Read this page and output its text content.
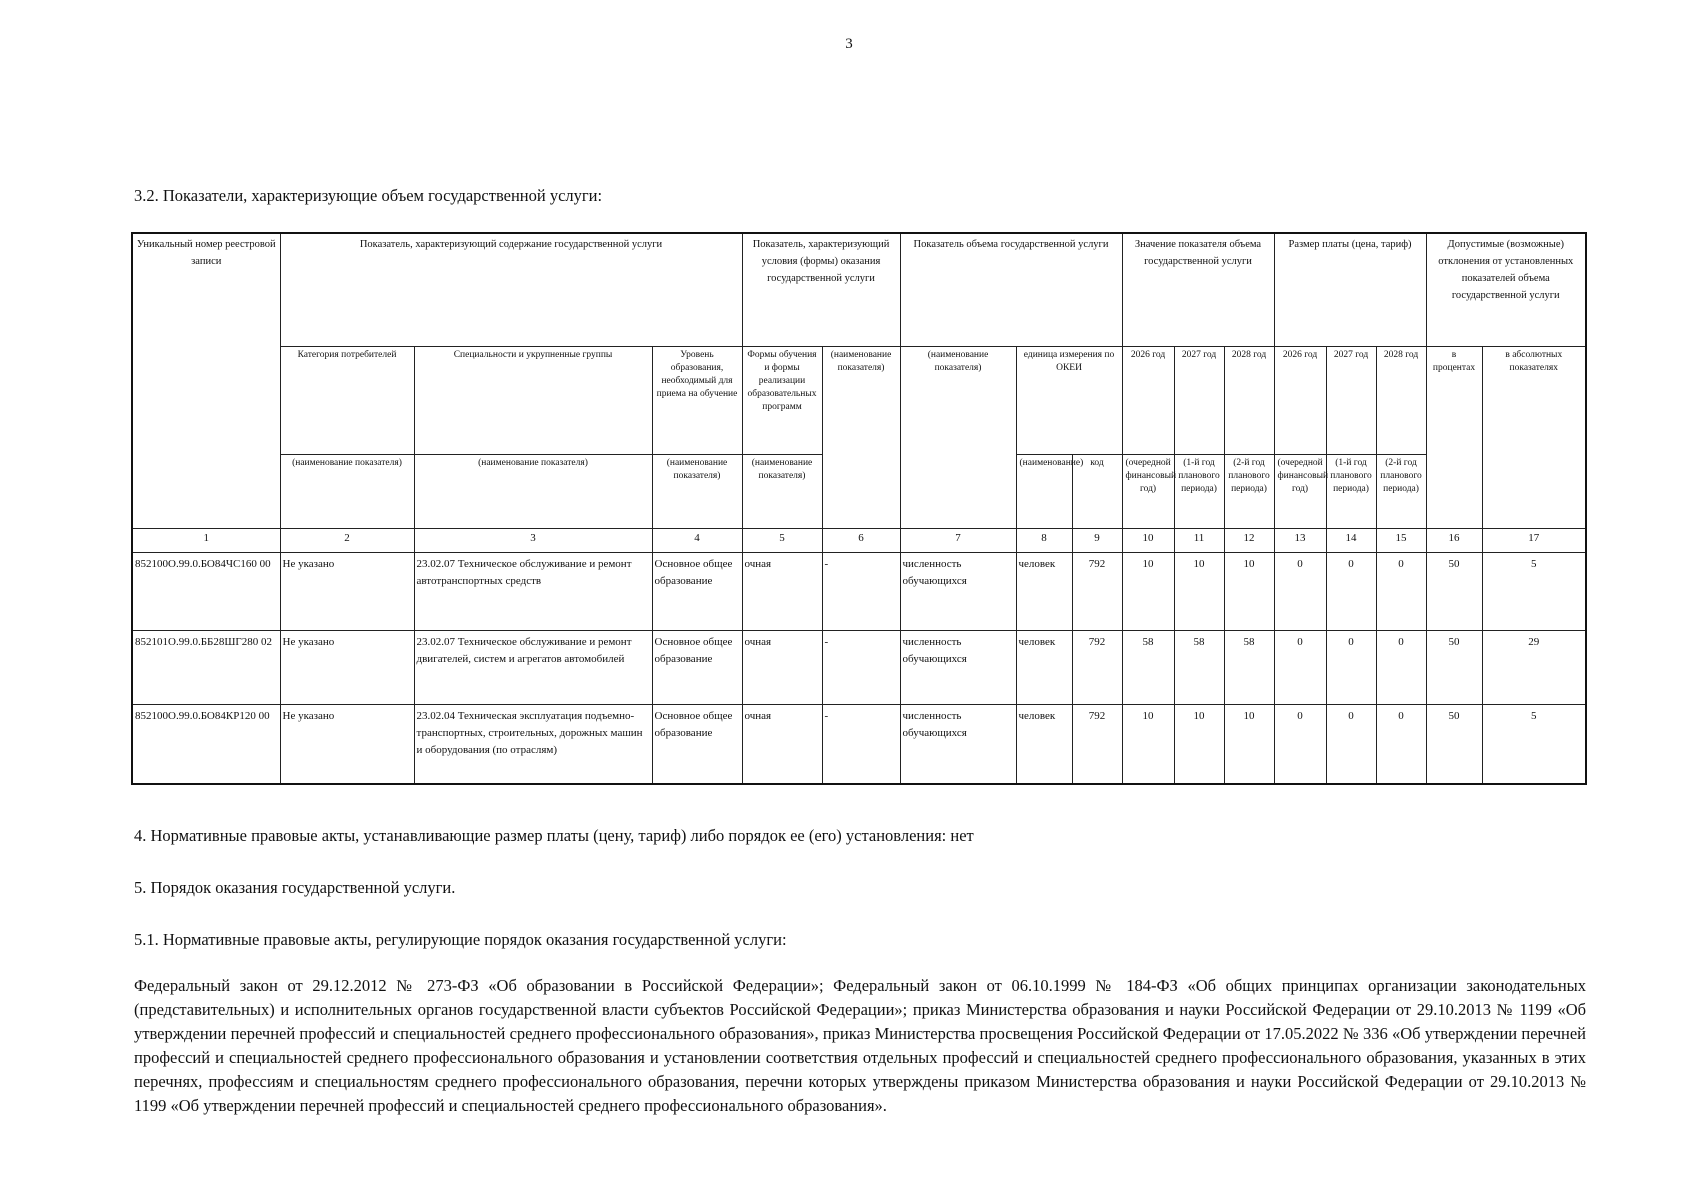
3
3.2. Показатели, характеризующие объем государственной услуги:
Уникальный номер реестровой записи	Показатель, характеризующий содержание государственной услуги			Показатель, характеризующий условия (формы) оказания государственной услуги		Показатель объема государственной услуги			Значение показателя объема государственной услуги			Размер платы (цена, тариф)			Допустимые (возможные) отклонения от установленных показателей объема государственной услуги	
	Категория потребителей	Специальности и укрупненные группы	Уровень образования, необходимый для приема на обучение	Формы обучения и формы реализации образовательных программ	(наименование показателя)	(наименование показателя)	единица измерения по ОКЕИ		2026 год	2027 год	2028 год	2026 год	2027 год	2028 год	в процентах	в абсолютных показателях
	(наименование показателя)	(наименование показателя)	(наименование показателя)	(наименование показателя)			(наименование)	код	(очередной финансовый год)	(1-й год планового периода)	(2-й год планового периода)	(очередной финансовый год)	(1-й год планового периода)	(2-й год планового периода)		
1	2	3	4	5	6	7	8	9	10	11	12	13	14	15	16	17
852100О.99.0.БО84ЧС160 00	Не указано	23.02.07 Техническое обслуживание и ремонт автотранспортных средств	Основное общее образование	очная	-	численность обучающихся	человек	792	10	10	10	0	0	0	50	5
852101О.99.0.ББ28ШГ280 02	Не указано	23.02.07 Техническое обслуживание и ремонт двигателей, систем и агрегатов автомобилей	Основное общее образование	очная	-	численность обучающихся	человек	792	58	58	58	0	0	0	50	29
852100О.99.0.БО84КР120 00	Не указано	23.02.04 Техническая эксплуатация подъемно-транспортных, строительных, дорожных машин и оборудования (по отраслям)	Основное общее образование	очная	-	численность обучающихся	человек	792	10	10	10	0	0	0	50	5
4. Нормативные правовые акты, устанавливающие размер платы (цену, тариф) либо порядок ее (его) установления: нет
5. Порядок оказания государственной услуги.
5.1. Нормативные правовые акты, регулирующие порядок оказания государственной услуги:
Федеральный закон от 29.12.2012 № 273-ФЗ «Об образовании в Российской Федерации»; Федеральный закон от 06.10.1999 № 184-ФЗ «Об общих принципах организации законодательных (представительных) и исполнительных органов государственной власти субъектов Российской Федерации»; приказ Министерства образования и науки Российской Федерации от 29.10.2013 № 1199 «Об утверждении перечней профессий и специальностей среднего профессионального образования», приказ Министерства просвещения Российской Федерации от 17.05.2022 № 336 «Об утверждении перечней профессий и специальностей среднего профессионального образования и установлении соответствия отдельных профессий и специальностей среднего профессионального образования, указанных в этих перечнях, профессиям и специальностям среднего профессионального образования, перечни которых утверждены приказом Министерства образования и науки Российской Федерации от 29.10.2013 № 1199 «Об утверждении перечней профессий и специальностей среднего профессионального образования».
